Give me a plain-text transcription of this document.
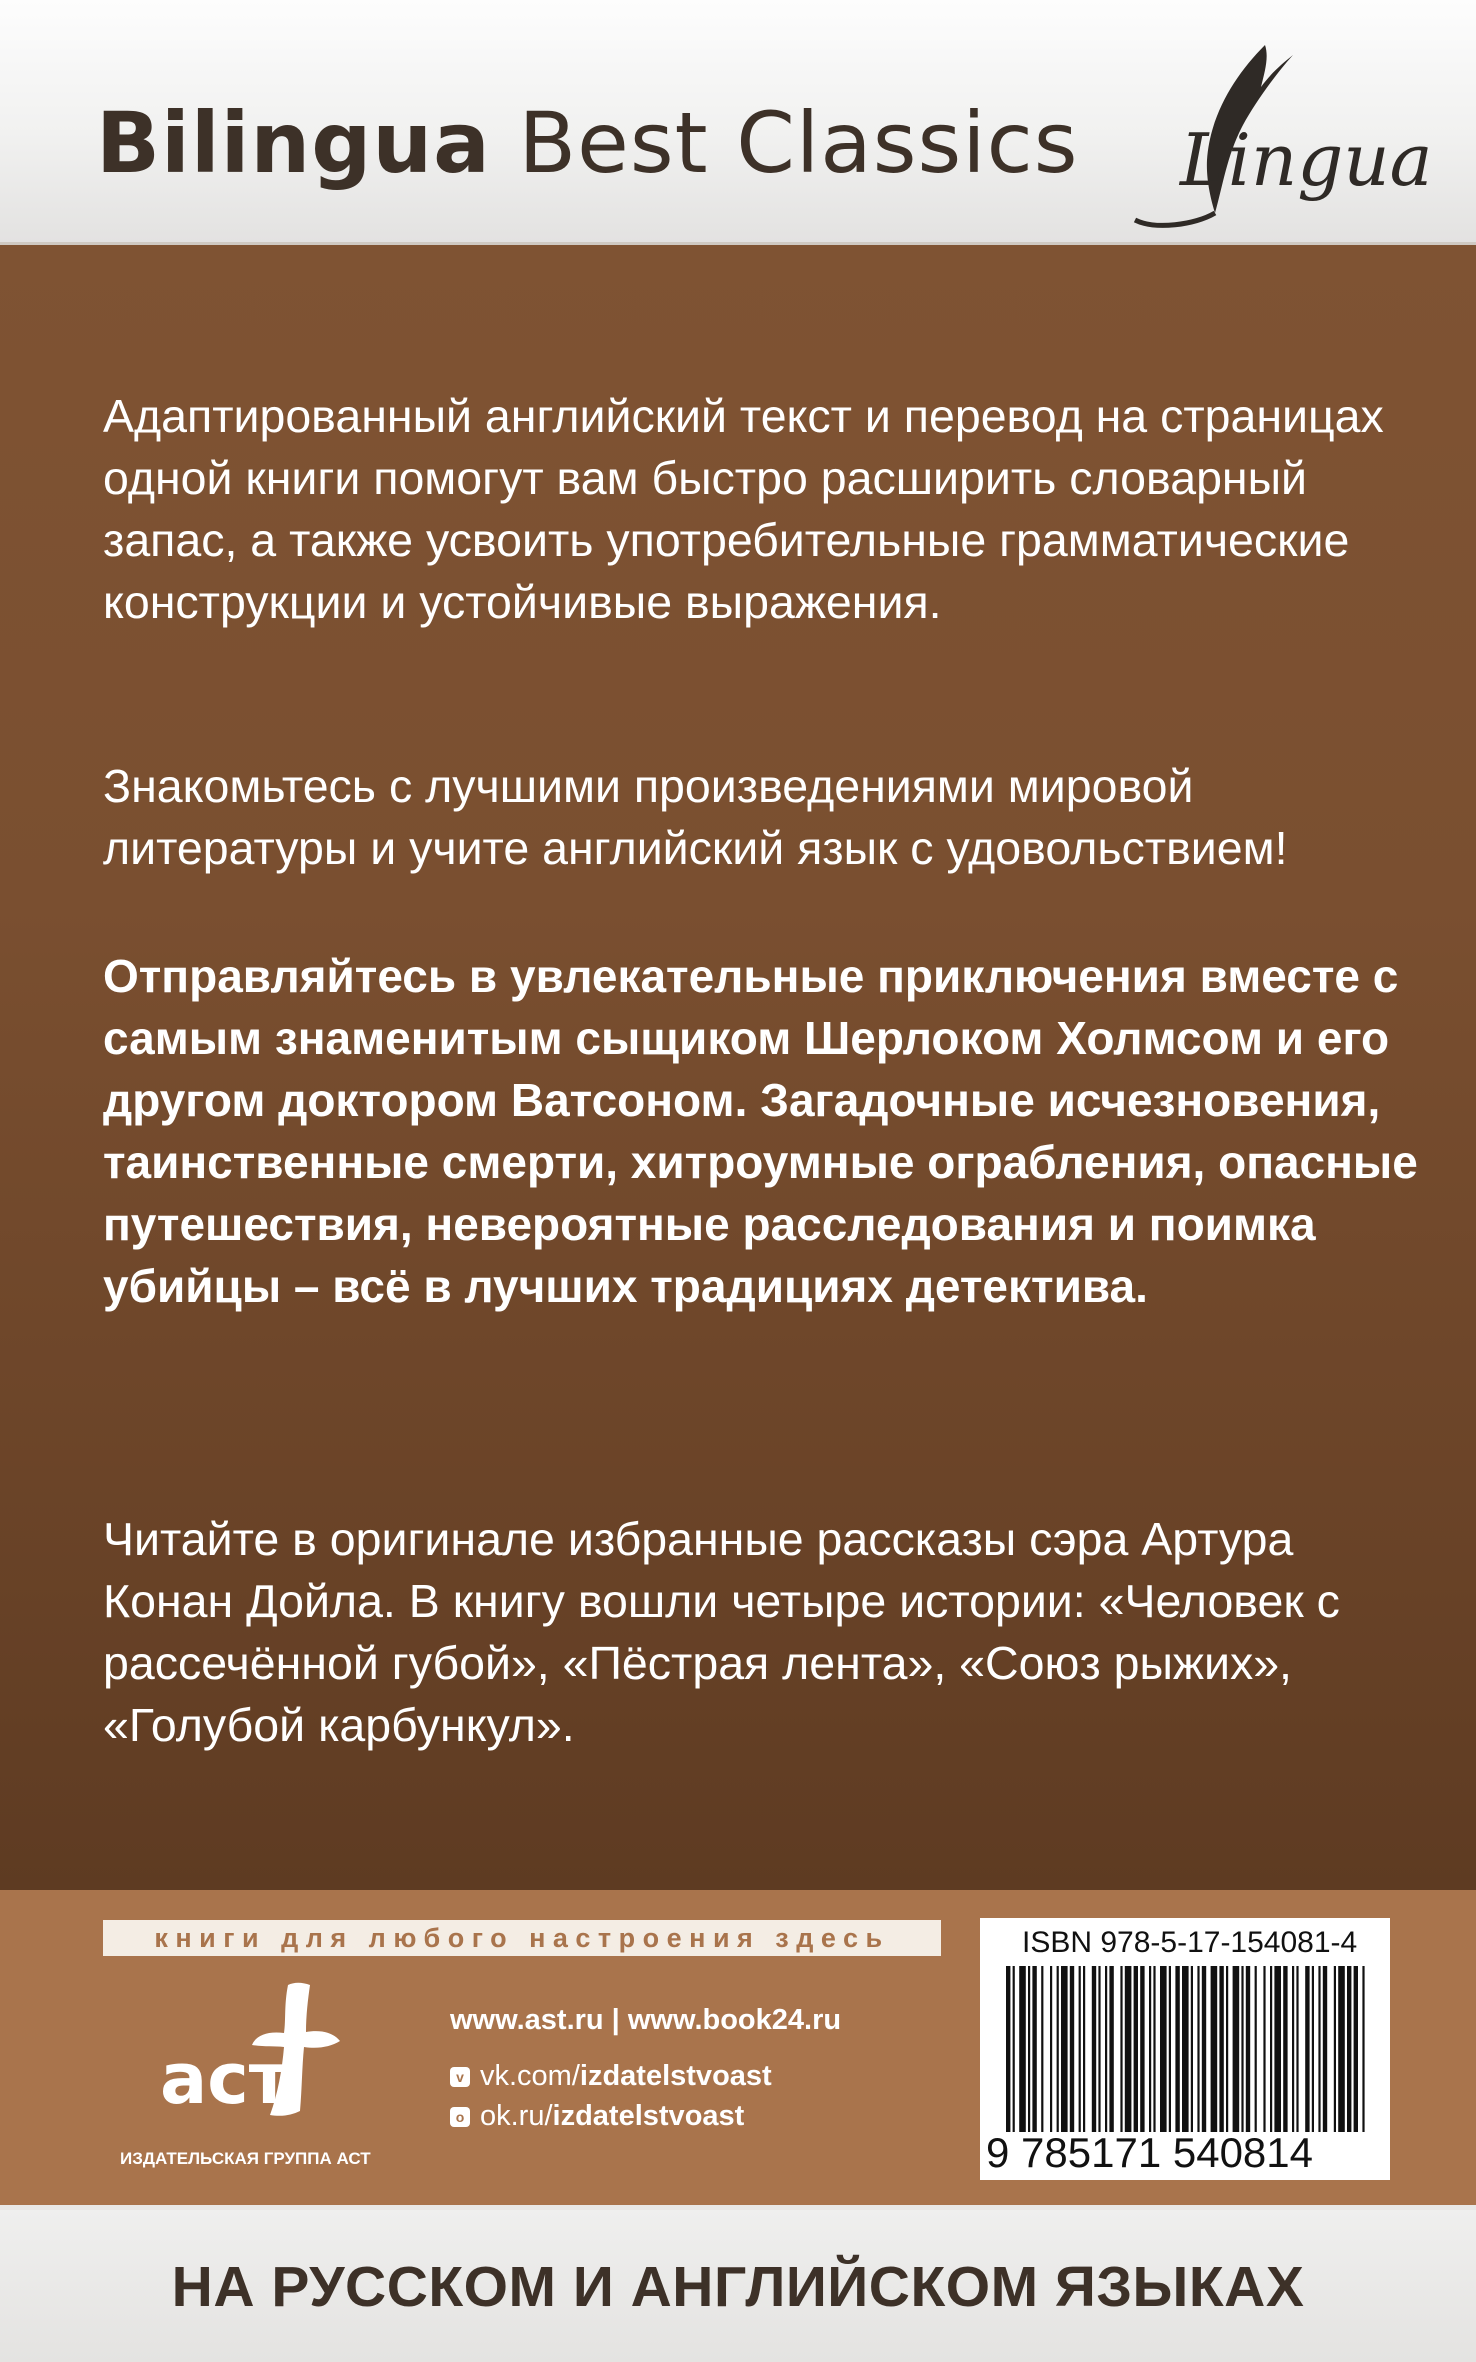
Bilingua Best Classics Lingua

Адаптированный английский текст и перевод на страницах одной книги помогут вам быстро расширить словарный запас, а также усвоить употребительные грамматические конструкции и устойчивые выражения.

Знакомьтесь с лучшими произведениями мировой литературы и учите английский язык с удовольствием!

Отправляйтесь в увлекательные приключения вместе с самым знаменитым сыщиком Шерлоком Холмсом и его другом доктором Ватсоном. Загадочные исчезновения, таинственные смерти, хитроумные ограбления, опасные путешествия, невероятные расследования и поимка убийцы – всё в лучших традициях детектива.

Читайте в оригинале избранные рассказы сэра Артура Конан Дойла. В книгу вошли четыре истории: «Человек с рассечённой губой», «Пёстрая лента», «Союз рыжих», «Голубой карбункул».

книги для любого настроения здесь
аст
ИЗДАТЕЛЬСКАЯ ГРУППА АСТ
www.ast.ru | www.book24.ru
v vk.com/izdatelstvoast
o ok.ru/izdatelstvoast
ISBN 978-5-17-154081-4
9 785171 540814
НА РУССКОМ И АНГЛИЙСКОМ ЯЗЫКАХ
